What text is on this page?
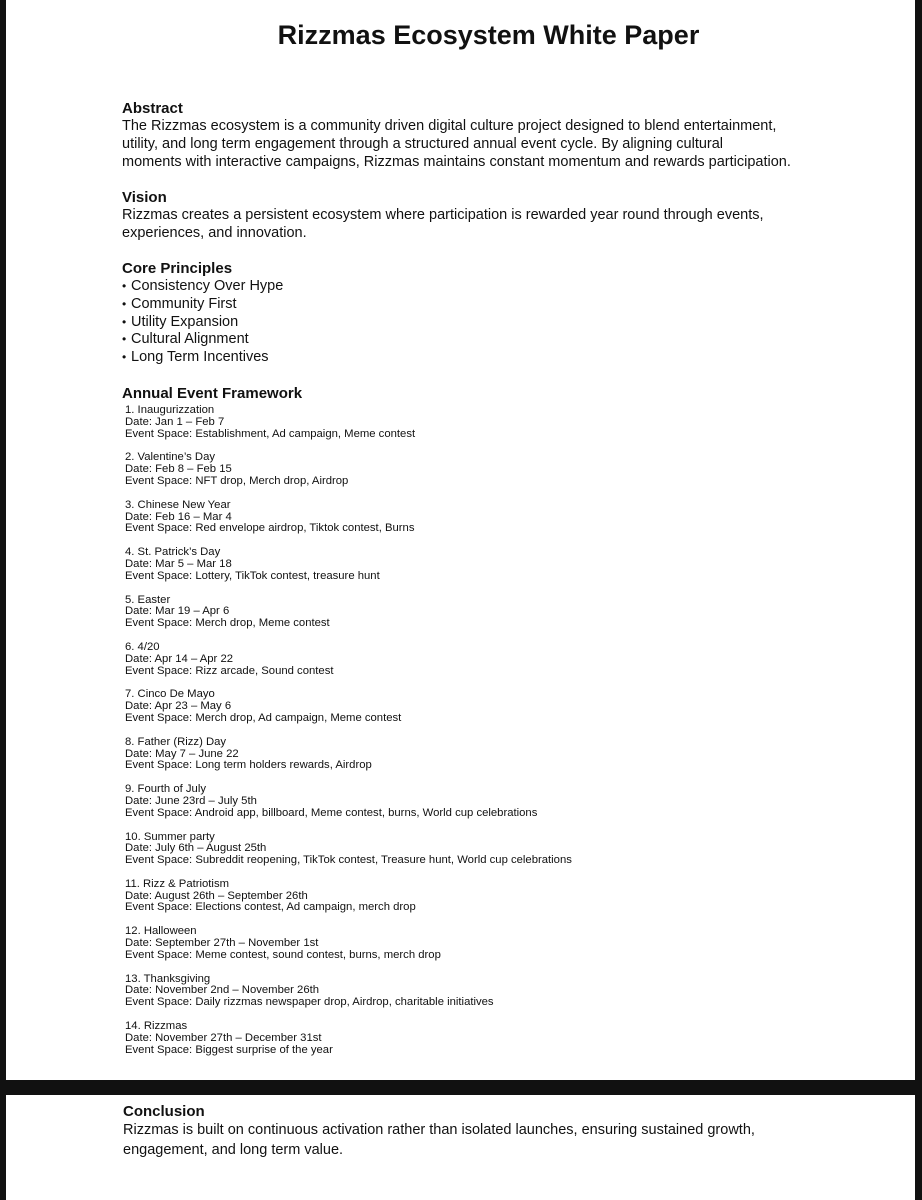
Rizzmas Ecosystem White Paper
Abstract
The Rizzmas ecosystem is a community driven digital culture project designed to blend entertainment,
utility, and long term engagement through a structured annual event cycle. By aligning cultural
moments with interactive campaigns, Rizzmas maintains constant momentum and rewards participation.
Vision
Rizzmas creates a persistent ecosystem where participation is rewarded year round through events,
experiences, and innovation.
Core Principles
• Consistency Over Hype
• Community First
• Utility Expansion
• Cultural Alignment
• Long Term Incentives
Annual Event Framework
1. Inaugurizzation
Date: Jan 1 – Feb 7
Event Space: Establishment, Ad campaign, Meme contest
2. Valentine’s Day
Date: Feb 8 – Feb 15
Event Space: NFT drop, Merch drop, Airdrop
3. Chinese New Year
Date: Feb 16 – Mar 4
Event Space: Red envelope airdrop, Tiktok contest, Burns
4. St. Patrick’s Day
Date: Mar 5 – Mar 18
Event Space: Lottery, TikTok contest, treasure hunt
5. Easter
Date: Mar 19 – Apr 6
Event Space: Merch drop, Meme contest
6. 4/20
Date: Apr 14 – Apr 22
Event Space: Rizz arcade, Sound contest
7. Cinco De Mayo
Date: Apr 23 – May 6
Event Space: Merch drop, Ad campaign, Meme contest
8. Father (Rizz) Day
Date: May 7 – June 22
Event Space: Long term holders rewards, Airdrop
9. Fourth of July
Date: June 23rd – July 5th
Event Space: Android app, billboard, Meme contest, burns, World cup celebrations
10. Summer party
Date: July 6th – August 25th
Event Space: Subreddit reopening, TikTok contest, Treasure hunt, World cup celebrations
11. Rizz & Patriotism
Date: August 26th – September 26th
Event Space: Elections contest, Ad campaign, merch drop
12. Halloween
Date: September 27th – November 1st
Event Space: Meme contest, sound contest, burns, merch drop
13. Thanksgiving
Date: November 2nd – November 26th
Event Space: Daily rizzmas newspaper drop, Airdrop, charitable initiatives
14. Rizzmas
Date: November 27th – December 31st
Event Space: Biggest surprise of the year
Conclusion
Rizzmas is built on continuous activation rather than isolated launches, ensuring sustained growth,
engagement, and long term value.
